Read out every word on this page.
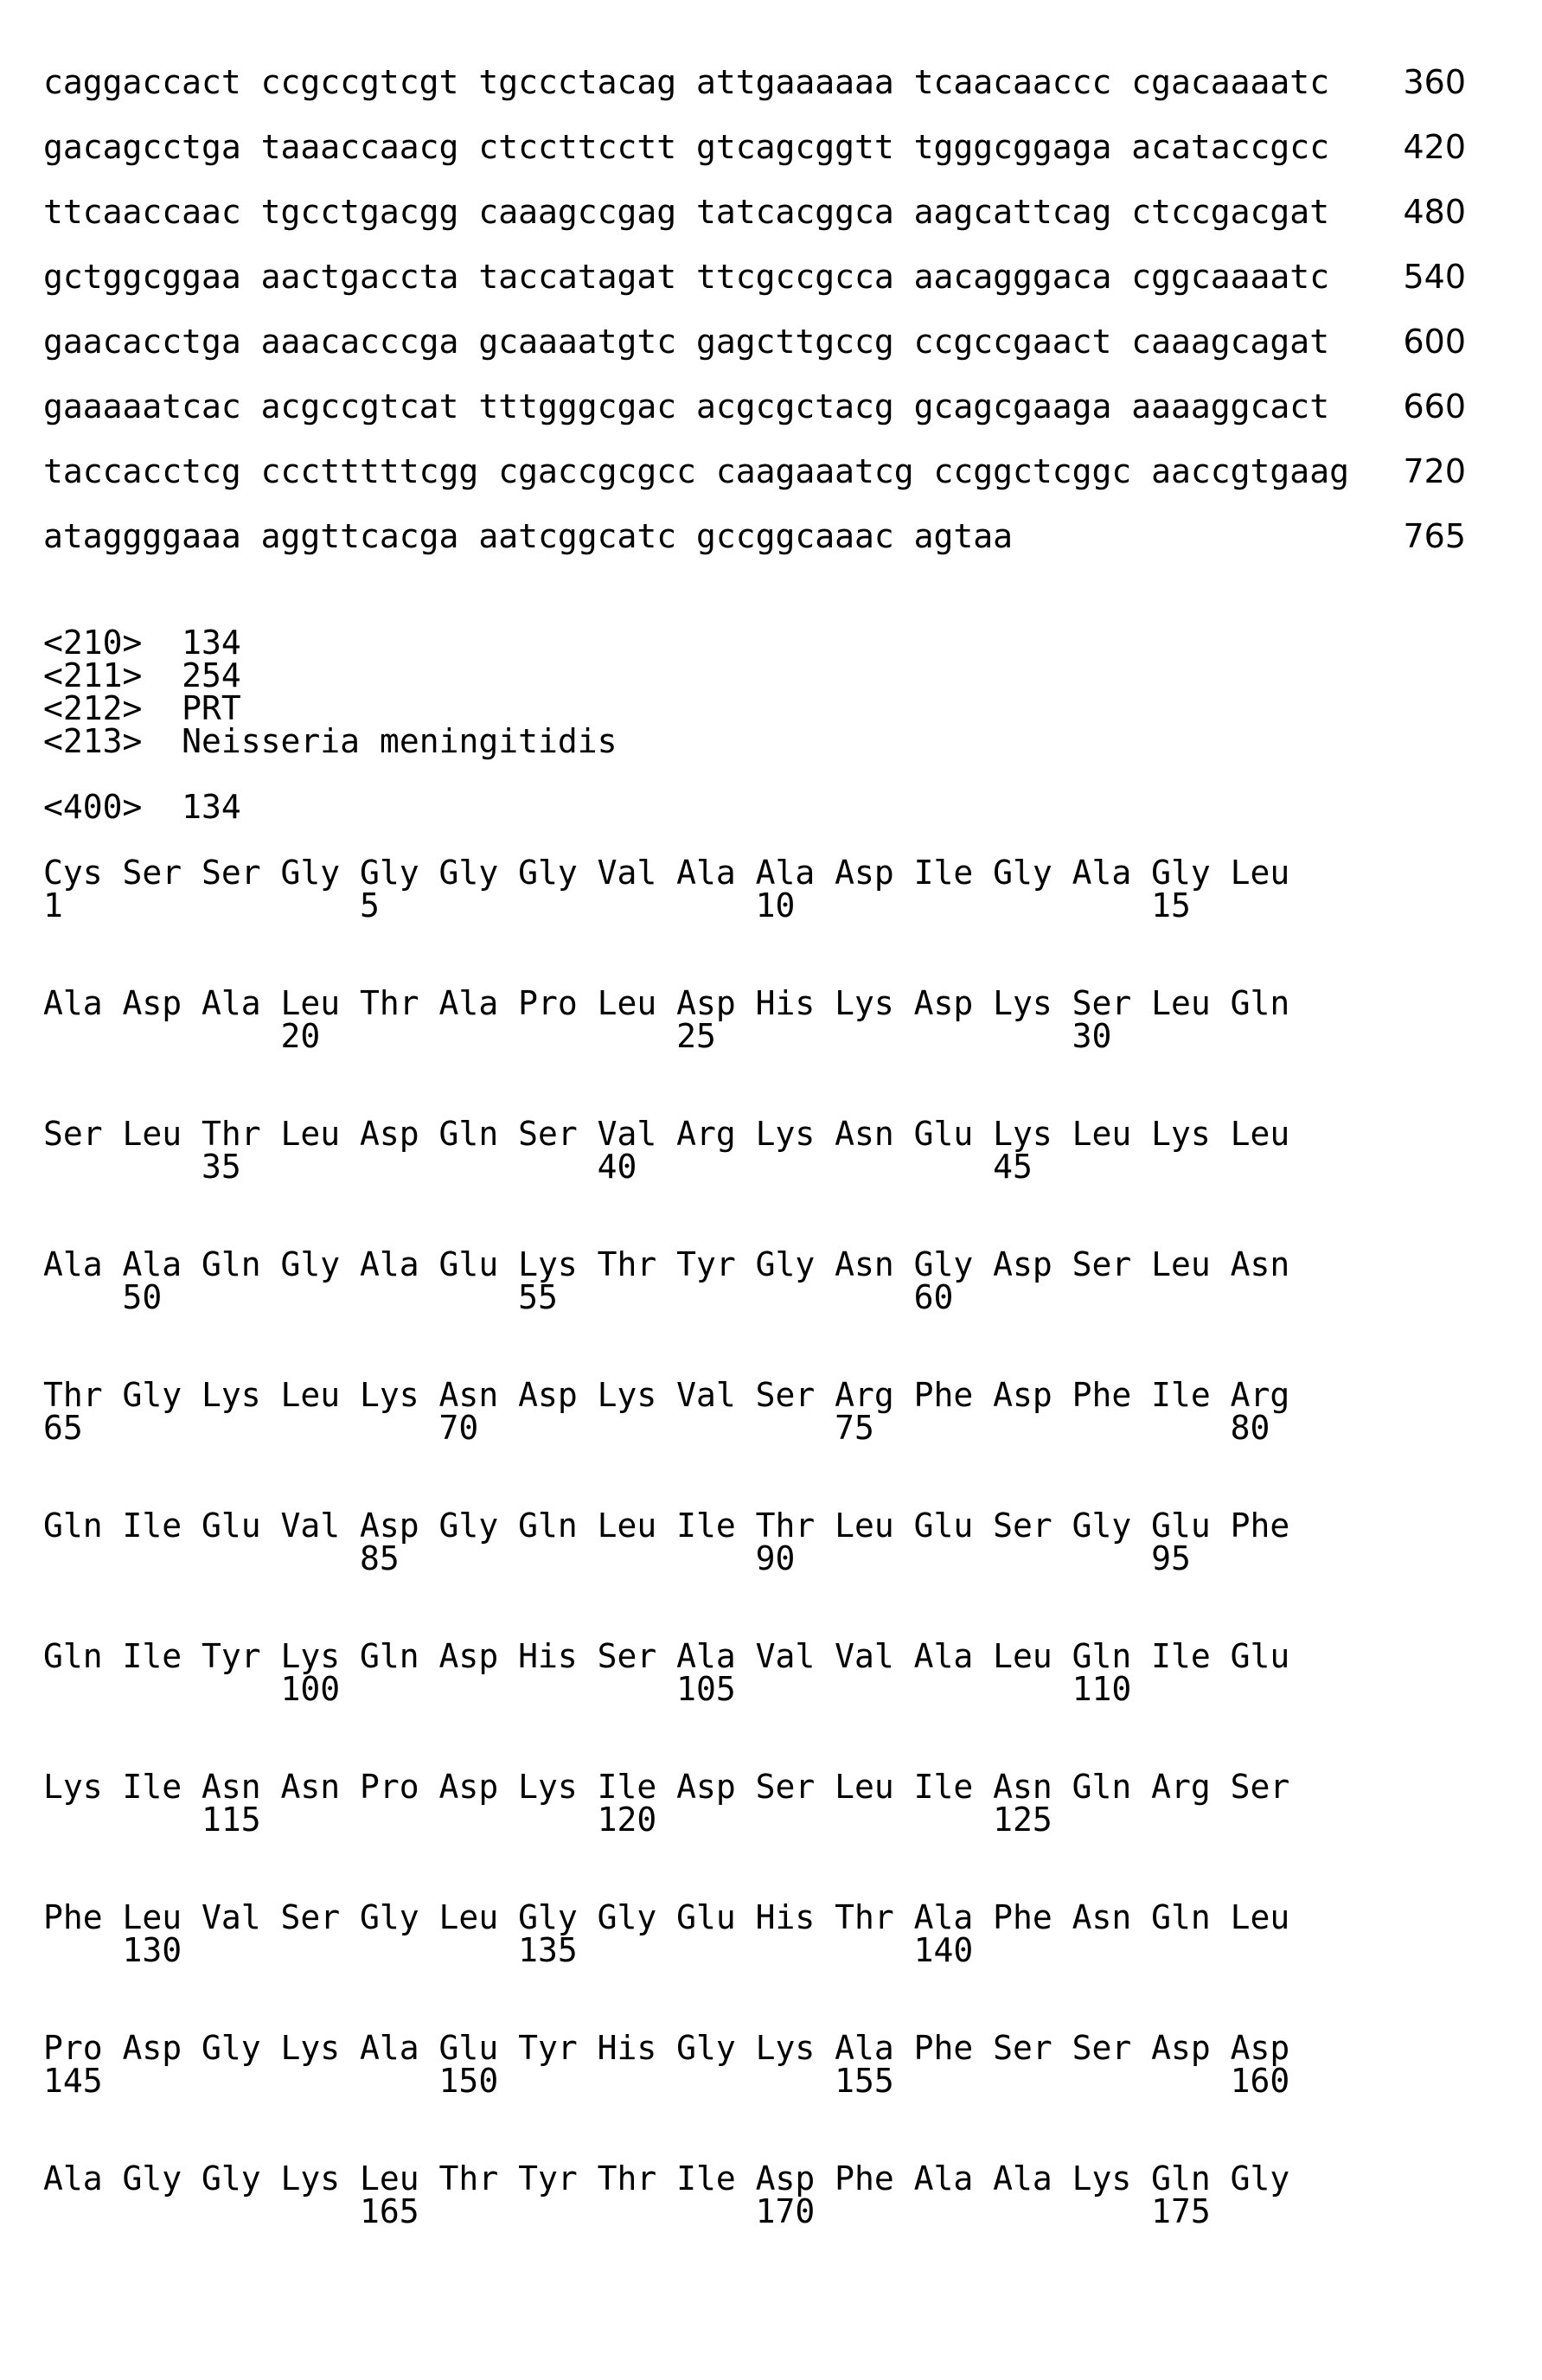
caggaccact ccgccgtcgt tgccctacag attgaaaaaa tcaacaaccc cgacaaaatc 360
gacagcctga taaaccaacg ctccttcctt gtcagcggtt tgggcggaga acataccgcc 420
ttcaaccaac tgcctgacgg caaagccgag tatcacggca aagcattcag ctccgacgat 480
gctggcggaa aactgaccta taccatagat ttcgccgcca aacagggaca cggcaaaatc 540
gaacacctga aaacacccga gcaaaatgtc gagcttgccg ccgccgaact caaagcagat 600
gaaaaatcac acgccgtcat tttgggcgac acgcgctacg gcagcgaaga aaaaggcact 660
taccacctcg ccctttttcgg cgaccgcgcc caagaaatcg ccggctcggc aaccgtgaag 720
ataggggaaa aggttcacga aatcggcatc gccggcaaac agtaa	765
<210> 134
<211> 254
<212> PRT
<213> Neisseria meningitidis
<400> 134
Cys Ser Ser Gly Gly Gly Gly Val Ala Ala Asp Ile Gly Ala Gly Leu
1               5                   10                  15
Ala Asp Ala Leu Thr Ala Pro Leu Asp His Lys Asp Lys Ser Leu Gln
20                  25                  30
Ser Leu Thr Leu Asp Gln Ser Val Arg Lys Asn Glu Lys Leu Lys Leu
35                  40                  45
Ala Ala Gln Gly Ala Glu Lys Thr Tyr Gly Asn Gly Asp Ser Leu Asn
50                  55                  60
Thr Gly Lys Leu Lys Asn Asp Lys Val Ser Arg Phe Asp Phe Ile Arg
65                  70                  75                  80
Gln Ile Glu Val Asp Gly Gln Leu Ile Thr Leu Glu Ser Gly Glu Phe
85                  90                  95
Gln Ile Tyr Lys Gln Asp His Ser Ala Val Val Ala Leu Gln Ile Glu
100                 105                 110
Lys Ile Asn Asn Pro Asp Lys Ile Asp Ser Leu Ile Asn Gln Arg Ser
115                 120                 125
Phe Leu Val Ser Gly Leu Gly Gly Glu His Thr Ala Phe Asn Gln Leu
130                 135                 140
Pro Asp Gly Lys Ala Glu Tyr His Gly Lys Ala Phe Ser Ser Asp Asp
145                 150                 155                 160
Ala Gly Gly Lys Leu Thr Tyr Thr Ile Asp Phe Ala Ala Lys Gln Gly
165                 170                 175
